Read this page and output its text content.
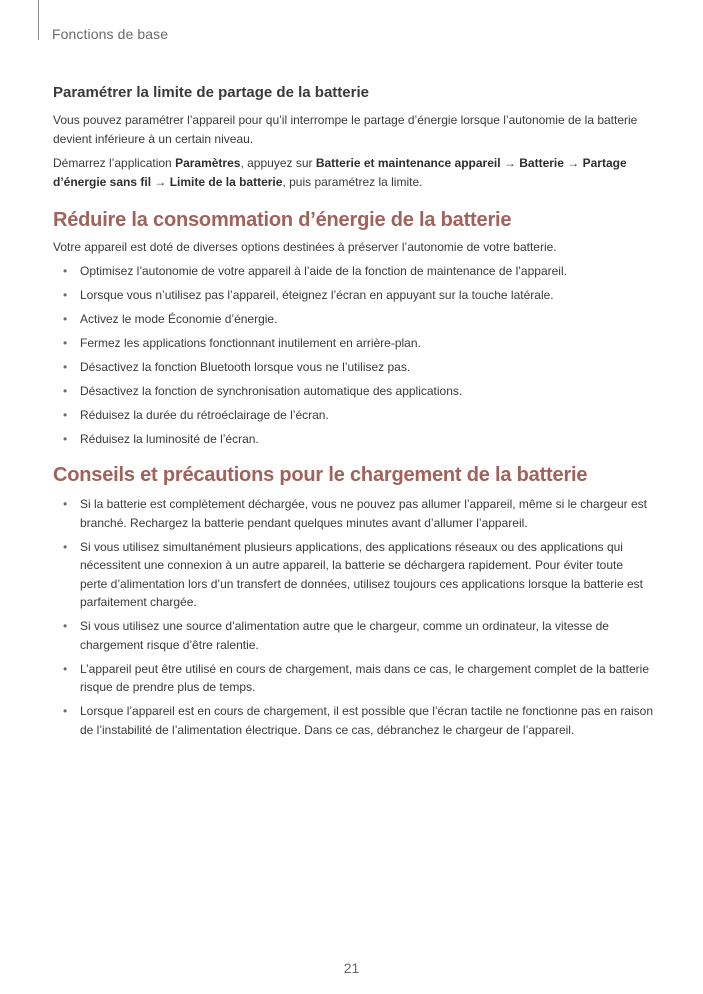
Fonctions de base
Paramétrer la limite de partage de la batterie

Vous pouvez paramétrer l’appareil pour qu’il interrompe le partage d’énergie lorsque l’autonomie de la batterie devient inférieure à un certain niveau.

Démarrez l’application Paramètres, appuyez sur Batterie et maintenance appareil → Batterie → Partage d’énergie sans fil → Limite de la batterie, puis paramétrez la limite.

Réduire la consommation d’énergie de la batterie

Votre appareil est doté de diverses options destinées à préserver l’autonomie de votre batterie.

• Optimisez l’autonomie de votre appareil à l’aide de la fonction de maintenance de l’appareil.
• Lorsque vous n’utilisez pas l’appareil, éteignez l’écran en appuyant sur la touche latérale.
• Activez le mode Économie d’énergie.
• Fermez les applications fonctionnant inutilement en arrière-plan.
• Désactivez la fonction Bluetooth lorsque vous ne l’utilisez pas.
• Désactivez la fonction de synchronisation automatique des applications.
• Réduisez la durée du rétroéclairage de l’écran.
• Réduisez la luminosité de l’écran.
Conseils et précautions pour le chargement de la batterie
• Si la batterie est complètement déchargée, vous ne pouvez pas allumer l’appareil, même si le chargeur est branché. Rechargez la batterie pendant quelques minutes avant d’allumer l’appareil.
• Si vous utilisez simultanément plusieurs applications, des applications réseaux ou des applications qui nécessitent une connexion à un autre appareil, la batterie se déchargera rapidement. Pour éviter toute perte d’alimentation lors d’un transfert de données, utilisez toujours ces applications lorsque la batterie est parfaitement chargée.
• Si vous utilisez une source d’alimentation autre que le chargeur, comme un ordinateur, la vitesse de chargement risque d’être ralentie.
• L’appareil peut être utilisé en cours de chargement, mais dans ce cas, le chargement complet de la batterie risque de prendre plus de temps.
• Lorsque l’appareil est en cours de chargement, il est possible que l’écran tactile ne fonctionne pas en raison de l’instabilité de l’alimentation électrique. Dans ce cas, débranchez le chargeur de l’appareil.
21
